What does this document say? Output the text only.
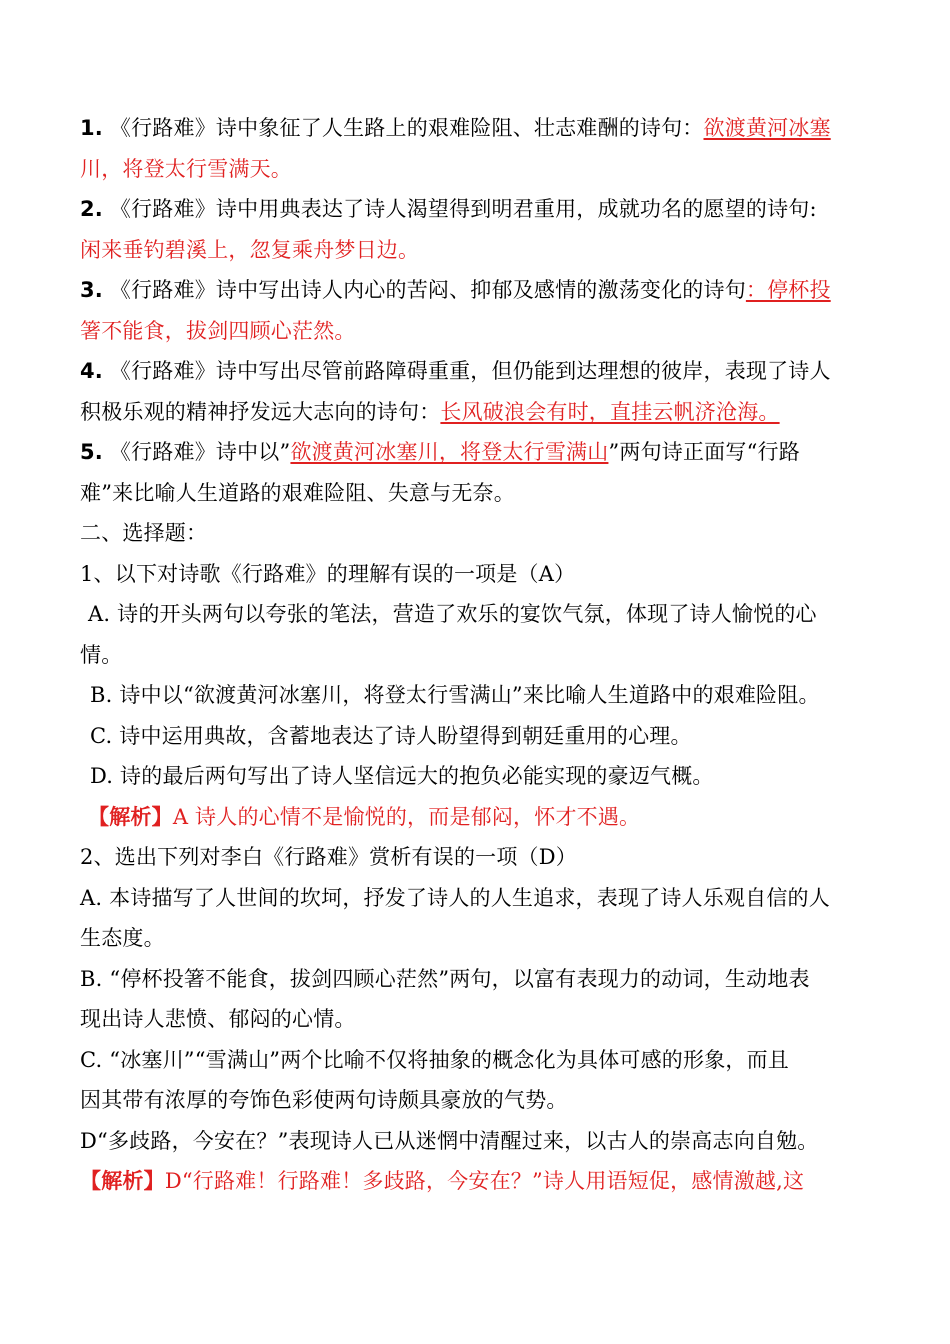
1. 《行路难》诗中象征了人生路上的艰难险阻、壮志难酬的诗句：欲渡黄河冰塞
川，将登太行雪满天。
2. 《行路难》诗中用典表达了诗人渴望得到明君重用，成就功名的愿望的诗句:
闲来垂钓碧溪上，忽复乘舟梦日边。
3. 《行路难》诗中写出诗人内心的苦闷、抑郁及感情的激荡变化的诗句：停杯投
箸不能食，拔剑四顾心茫然。
4. 《行路难》诗中写出尽管前路障碍重重，但仍能到达理想的彼岸，表现了诗人
积极乐观的精神抒发远大志向的诗句：长风破浪会有时，直挂云帆济沧海。
5. 《行路难》诗中以”欲渡黄河冰塞川，将登太行雪满山”两句诗正面写“行路
难”来比喻人生道路的艰难险阻、失意与无奈。
二、选择题：
1、以下对诗歌《行路难》的理解有误的一项是（A）
A. 诗的开头两句以夸张的笔法，营造了欢乐的宴饮气氛，体现了诗人愉悦的心
情。
B. 诗中以“欲渡黄河冰塞川，将登太行雪满山”来比喻人生道路中的艰难险阻。
C. 诗中运用典故，含蓄地表达了诗人盼望得到朝廷重用的心理。
D. 诗的最后两句写出了诗人坚信远大的抱负必能实现的豪迈气概。
【解析】A 诗人的心情不是愉悦的，而是郁闷，怀才不遇。
2、选出下列对李白《行路难》赏析有误的一项（D）
A. 本诗描写了人世间的坎坷，抒发了诗人的人生追求，表现了诗人乐观自信的人
生态度。
B. “停杯投箸不能食，拔剑四顾心茫然”两句，以富有表现力的动词，生动地表
现出诗人悲愤、郁闷的心情。
C. “冰塞川”“雪满山”两个比喻不仅将抽象的概念化为具体可感的形象，而且
因其带有浓厚的夸饰色彩使两句诗颇具豪放的气势。
D“多歧路，今安在？”表现诗人已从迷惘中清醒过来，以古人的崇高志向自勉。
【解析】D“行路难！行路难！多歧路，今安在？”诗人用语短促，感情激越,这
